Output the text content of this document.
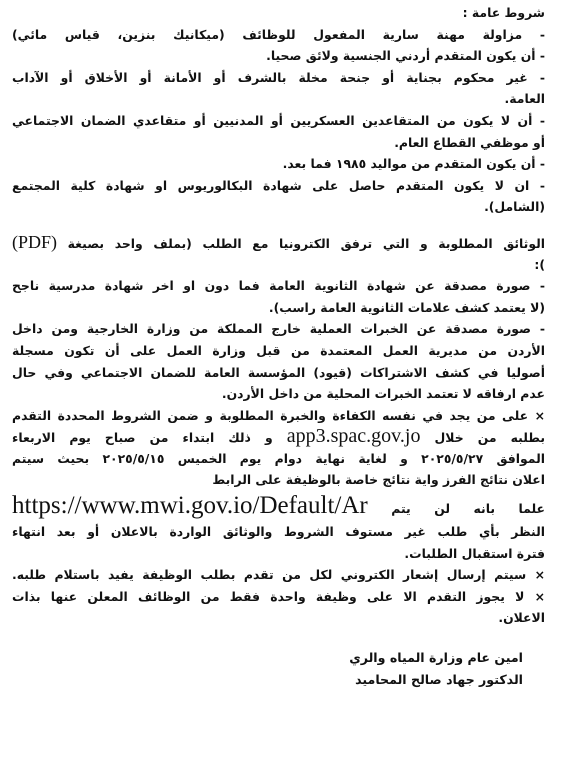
شروط عامة :
- مزاولة مهنة سارية المفعول للوظائف (ميكانيك بنزين، قياس مائي)
- أن يكون المتقدم أردني الجنسية ولائق صحيا.
- غير محكوم بجناية أو جنحة مخلة بالشرف أو الأمانة أو الأخلاق أو الآداب
العامة.
- أن لا يكون من المتقاعدين العسكريين أو المدنيين أو متقاعدي الضمان الاجتماعي
أو موظفي القطاع العام.
- أن يكون المتقدم من مواليد ١٩٨٥ فما بعد.
- ان لا يكون المتقدم حاصل على شهادة البكالوريوس او شهادة كلية المجتمع
(الشامل).
الوثائق المطلوبة و التي ترفق الكترونيا مع الطلب (بملف واحد بصيغة (PDF)
):
- صورة مصدقة عن شهادة الثانوية العامة فما دون او اخر شهادة مدرسية ناجح
(لا يعتمد كشف علامات الثانوية العامة راسب).
- صورة مصدقة عن الخبرات العملية خارج المملكة من وزارة الخارجية ومن داخل
الأردن من مديرية العمل المعتمدة من قبل وزارة العمل على أن تكون مسجلة
أصوليا في كشف الاشتراكات (قيود) المؤسسة العامة للضمان الاجتماعي وفي حال
عدم ارفاقه لا تعتمد الخبرات المحلية من داخل الأردن.
× على من يجد في نفسه الكفاءة والخبرة المطلوبة و ضمن الشروط المحددة التقدم
بطلبه من خلال app3.spac.gov.jo و ذلك ابتداء من صباح يوم الاربعاء
الموافق ٢٠٢٥/٥/٢٧ و لغاية نهاية دوام يوم الخميس ٢٠٢٥/٥/١٥ بحيث سيتم
اعلان نتائج الفرز واية نتائج خاصة بالوظيفة على الرابط
علما بانه لن يتم https://www.mwi.gov.io/Default/Ar
النظر بأي طلب غير مستوف الشروط والوثائق الواردة بالاعلان أو بعد انتهاء
فترة استقبال الطلبات.
× سيتم إرسال إشعار الكتروني لكل من تقدم بطلب الوظيفة يفيد باستلام طلبه.
× لا يجوز التقدم الا على وظيفة واحدة فقط من الوظائف المعلن عنها بذات
الاعلان.
امين عام وزارة المياه والري
الدكتور جهاد صالح المحاميد
